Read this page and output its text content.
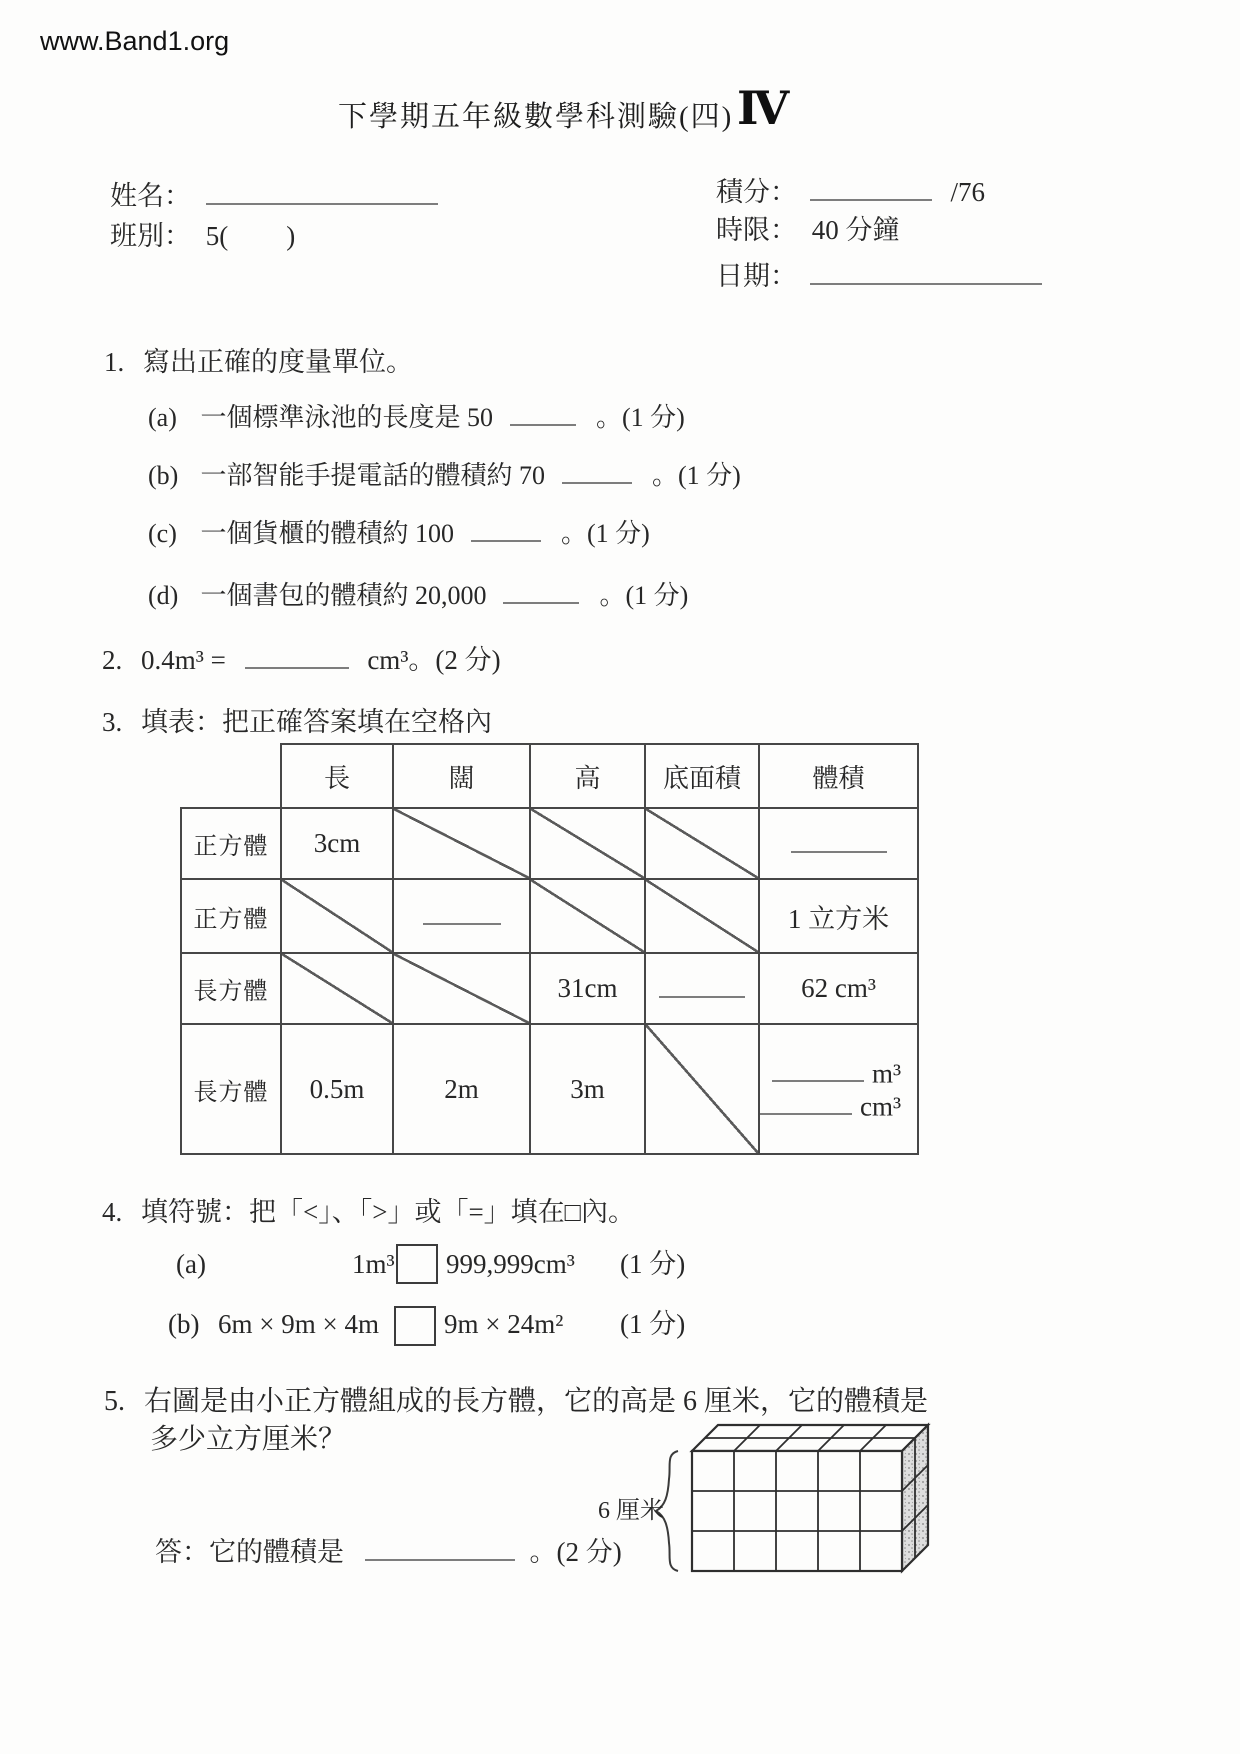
www.Band1.org
下學期五年級數學科測驗(四) Ⅳ
姓名：
班別： 5( )
積分：	/76
時限： 40 分鐘
日期：
1. 寫出正確的度量單位。
(a) 一個標準泳池的長度是 50	。(1 分)
(b) 一部智能手提電話的體積約 70	。(1 分)
(c) 一個貨櫃的體積約 100	。(1 分)
(d) 一個書包的體積約 20,000	。(1 分)
2. 0.4m³ =	cm³。(2 分)
3. 填表：把正確答案填在空格內
	長	闊	高	底面積	體積
正方體	3cm				
正方體					1 立方米
長方體			31cm		62 cm³
長方體	0.5m	2m	3m		m³
cm³
4. 填符號：把「<」、「>」或「=」填在□內。
(a)	1m³ 999,999cm³ (1 分)
(b) 6m × 9m × 4m 9m × 24m² (1 分)
5. 右圖是由小正方體組成的長方體，它的高是 6 厘米，它的體積是
多少立方厘米？
6 厘米
答：它的體積是	。(2 分)
